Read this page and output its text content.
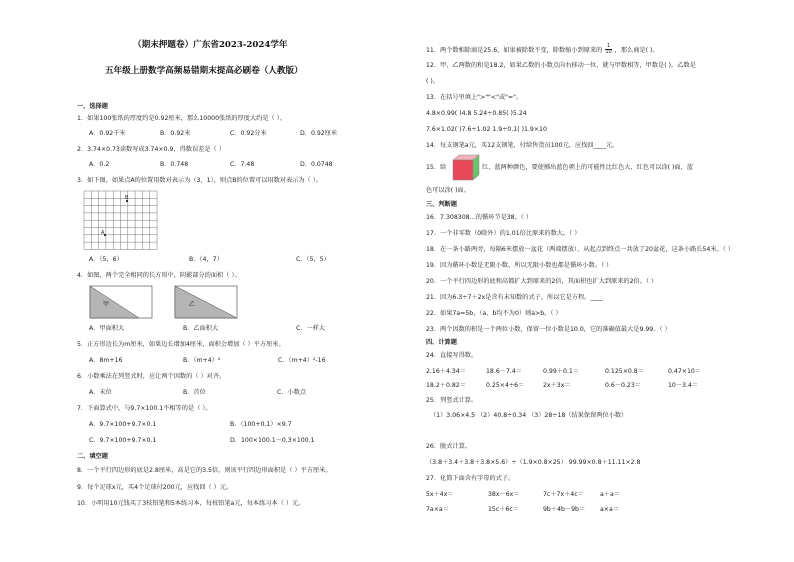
（期末押题卷）广东省2023-2024学年
五年级上册数学高频易错期末提高必刷卷（人教版）
一、选择题
1．如果100张纸的厚度约是0.92厘米，那么10000张纸的厚度大约是（ ）。
A．0.92千米	B．0.92米	C．0.92分米	D．0.92厘米
2．3.74×0.73读数写成3.74×0.9，得数误差是（ ）
A．0.2	B．0.748	C．7.48	D．0.0748
3．如下图，如果点A的位置用数对表示为（3，1），则点B的位置可以用数对表示为（ ）。
A
B
A．（5，6）	B．（4，7）	C．（5，5）
4．如图，两个完全相同的长方形中，阴影部分的面积（ ）。
甲	乙
A．甲面积大	B．乙面积大	C．一样大
5．正方形边长为m厘米，如果边长增加4厘米，面积会增加（ ）平方厘米。
A．8m+16	B．（m+4）²	C．（m+4）²-16
6．小数乘法在列竖式时，应让两个因数的（ ）对齐。
A．末位	B．首位	C．小数点
7．下面算式中，与9.7×100.1不相等的是（ ）。
A．9.7×100+9.7×0.1	B．（100+0.1）×9.7
C．9.7×100+9.7×0.1	D．100×100.1－0.3×100.1
二、填空题
8．一个平行四边形的底是2.8厘米，高是它的3.5倍，则该平行四边形面积是（ ）平方厘米。
9．每个足球x元，买4个足球付200元，应找回（ ）元。
10．小明用10元钱买了3枝铅笔和5本练习本，每枝铅笔a元，每本练习本（ ）元。
11．两个数相除商是25.6，如果被除数不变，除数缩小到原来的 $\frac{1}{10}$ ，那么商是( )。
12．甲、乙两数的和是18.2，如果乙数的小数点向右移动一位，就与甲数相等，甲数是( )，乙数是
( )。
13．在括号里填上">""<"或"="。
4.8×0.99( )4.8 5.24÷0.85( )5.24
7.6×1.02( )7.6÷1.02 1.9÷0.1( )1.9×10
14．每支钢笔a元，买12支钢笔，付给售货员100元，应找回____元。
15．给	红、蓝两种颜色，要使掷出蓝色朝上的可能性比红色大，红色可以涂( )面，蓝
色可以涂( )面。
三、判断题
16．7.308308…的循环节是38。（ ）
17．一个非零数（0除外）的1.01倍比原来的数大。（ ）
18．在一条小路两旁，每隔6米摆放一盆花（两端摆放），从起点到终点一共放了20盆花，这条小路长54米。（ ）
19．因为循环小数是无限小数，所以无限小数也都是循环小数。（ ）
20．一个平行四边形的底和高都扩大到原来的2倍，其面积也扩大到原来的2倍。（ ）
21．因为6.3÷7＋2x是含有未知数的式子，所以它是方程。____
22．如果7a=5b，（a、b均不为0）则a>b。（ ）
23．两个因数的积是一个两位小数，保留一位小数是10.0，它的准确值最大是9.99。（ ）
四、计算题
24．直接写得数。
2.16＋4.34＝	18.6－7.4＝	0.99＋0.1＝	0.125×0.8＝	0.47×10＝
18.2＋0.82＝	0.25×4÷6＝	2x＋3x＝	0.6－0.23＝	10－3.4＝
25．列竖式计算。
（1）3.06×4.5 （2）40.8÷0.34 （3）28÷18（结果保留两位小数）
26．脱式计算。
（3.8＋3.4＋3.8＋3.8×5.6）÷（1.9×0.8×25） 99.99×0.8＋11.11×2.8
27．化简下面含有字母的式子。
5x＋4x＝	38x－6x＝	7c＋7x＋4c＝	a＋a＝
7a×a＝	15c＋6c＝	9b＋4b－9b＝ a×a＝
